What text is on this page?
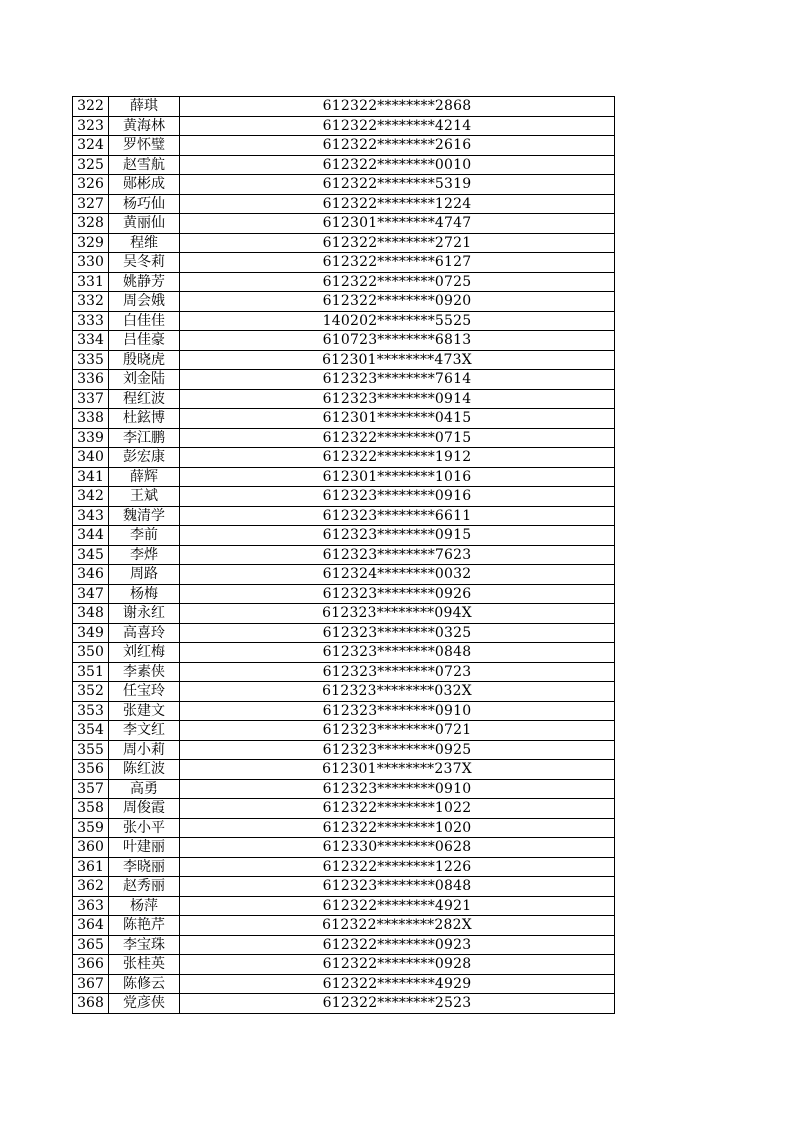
322	薛琪	612322********2868
323	黄海林	612322********4214
324	罗怀璧	612322********2616
325	赵雪航	612322********0010
326	郧彬成	612322********5319
327	杨巧仙	612322********1224
328	黄丽仙	612301********4747
329	程维	612322********2721
330	吴冬莉	612322********6127
331	姚静芳	612322********0725
332	周会娥	612322********0920
333	白佳佳	140202********5525
334	吕佳豪	610723********6813
335	殷晓虎	612301********473X
336	刘金陆	612323********7614
337	程红波	612323********0914
338	杜鉉博	612301********0415
339	李江鹏	612322********0715
340	彭宏康	612322********1912
341	薛辉	612301********1016
342	王斌	612323********0916
343	魏清学	612323********6611
344	李前	612323********0915
345	李烨	612323********7623
346	周路	612324********0032
347	杨梅	612323********0926
348	谢永红	612323********094X
349	高喜玲	612323********0325
350	刘红梅	612323********0848
351	李素侠	612323********0723
352	任宝玲	612323********032X
353	张建文	612323********0910
354	李文红	612323********0721
355	周小莉	612323********0925
356	陈红波	612301********237X
357	高勇	612323********0910
358	周俊霞	612322********1022
359	张小平	612322********1020
360	叶建丽	612330********0628
361	李晓丽	612322********1226
362	赵秀丽	612323********0848
363	杨萍	612322********4921
364	陈艳芹	612322********282X
365	李宝珠	612322********0923
366	张桂英	612322********0928
367	陈修云	612322********4929
368	党彦侠	612322********2523
